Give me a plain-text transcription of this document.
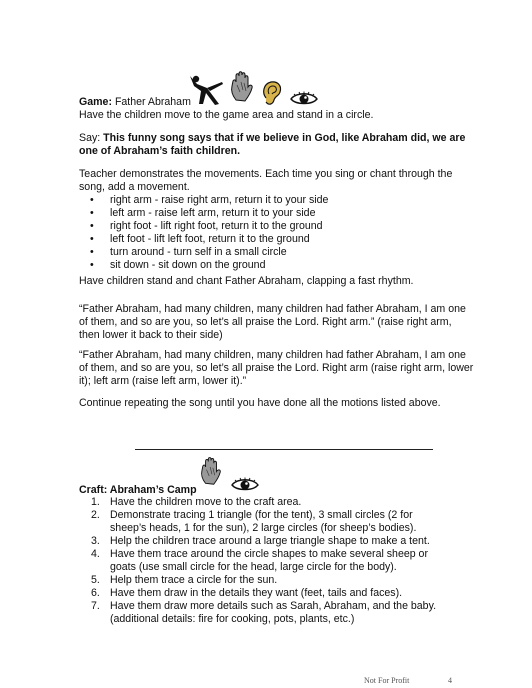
Game: Father Abraham
Have the children move to the game area and stand in a circle.
Say: This funny song says that if we believe in God, like Abraham did, we are one of Abraham’s faith children.
Teacher demonstrates the movements. Each time you sing or chant through the song, add a movement.
• right arm - raise right arm, return it to your side
• left arm - raise left arm, return it to your side
• right foot - lift right foot, return it to the ground
• left foot - lift left foot, return it to the ground
• turn around - turn self in a small circle
• sit down - sit down on the ground
Have children stand and chant Father Abraham, clapping a fast rhythm.
“Father Abraham, had many children, many children had father Abraham, I am one of them, and so are you, so let’s all praise the Lord. Right arm.” (raise right arm, then lower it back to their side)
“Father Abraham, had many children, many children had father Abraham, I am one of them, and so are you, so let’s all praise the Lord. Right arm (raise right arm, lower it); left arm (raise left arm, lower it).”
Continue repeating the song until you have done all the motions listed above.
Craft: Abraham’s Camp
1. Have the children move to the craft area.
2. Demonstrate tracing 1 triangle (for the tent), 3 small circles (2 for sheep’s heads, 1 for the sun), 2 large circles (for sheep’s bodies).
3. Help the children trace around a large triangle shape to make a tent.
4. Have them trace around the circle shapes to make several sheep or goats (use small circle for the head, large circle for the body).
5. Help them trace a circle for the sun.
6. Have them draw in the details they want (feet, tails and faces).
7. Have them draw more details such as Sarah, Abraham, and the baby. (additional details: fire for cooking, pots, plants, etc.)
Not For Profit	4
